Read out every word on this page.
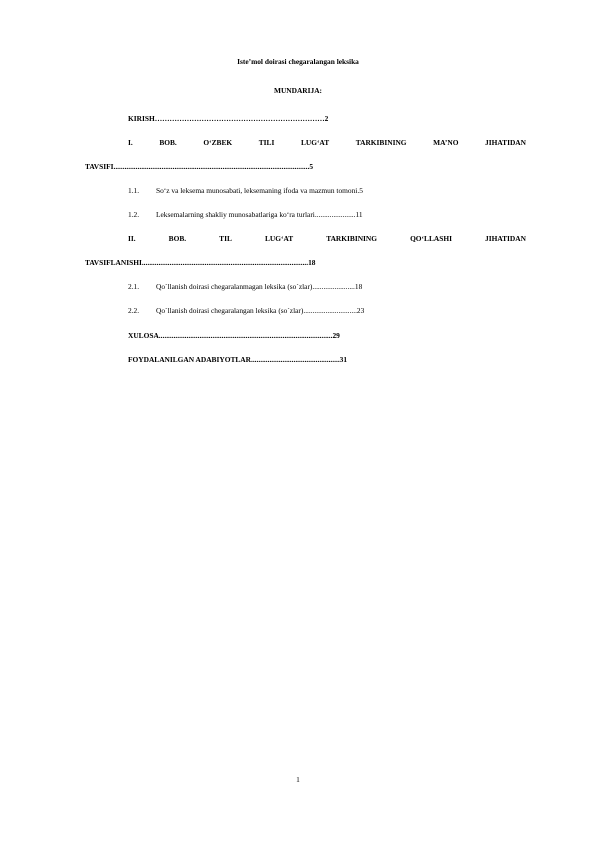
Iste’mol doirasi chegaralangan leksika
MUNDARIJA:
KIRISH……………………………………………………………2
I.	BOB.	O‘ZBEK	TILI	LUG‘AT	TARKIBINING	MA’NO	JIHATIDAN
TAVSIFI..........................................................................................................5
1.1. So‘z va leksema munosabati, leksemaning ifoda va mazmun tomoni.5
1.2. Leksemalarning shakliy munosabatlariga ko‘ra turlari......................11
II.	BOB.	TIL	LUG‘AT	TARKIBINING	QO‘LLASHI	JIHATIDAN
TAVSIFLANISHI..........................................................................................18
2.1. Qo`llanish doirasi chegaralanmagan leksika (so`zlar).......................18
2.2. Qo`llanish doirasi chegaralangan leksika (so`zlar).............................23
XULOSA..............................................................................................29
FOYDALANILGAN ADABIYOTLAR................................................31
1
